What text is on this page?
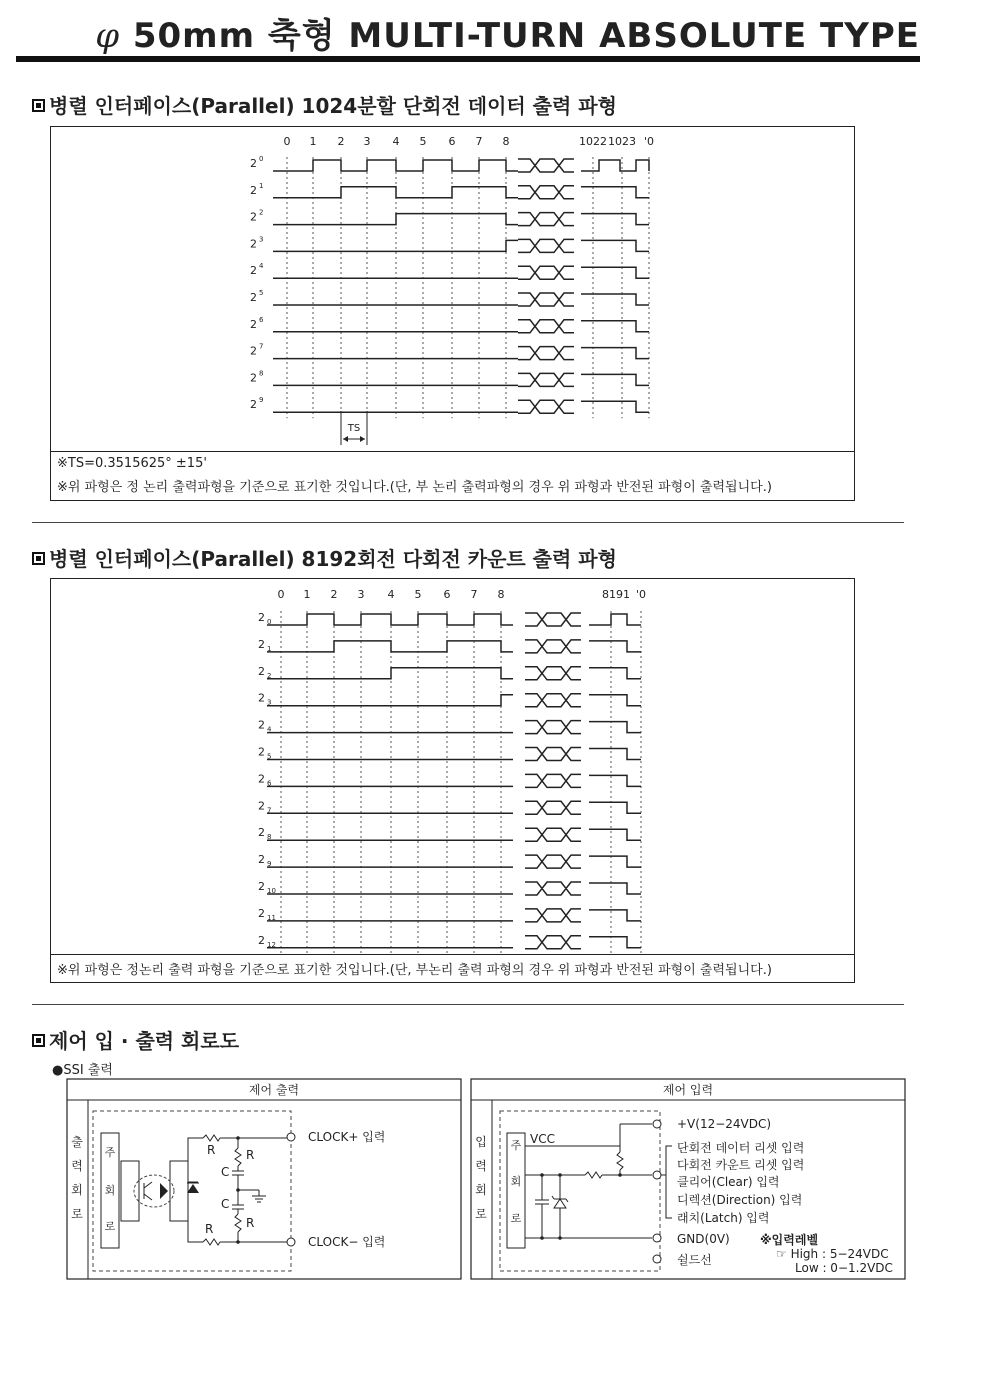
φ 50mm 축형 MULTI-TURN ABSOLUTE TYPE
병렬 인터페이스(Parallel) 1024분할 단회전 데이터 출력 파형
0 1 2 3 4 5 6 7 8	1022 1023 '0
2 0
2 1
2 2
2 3
2 4
2 5
2 6
2 7
2 8
2 9
TS
※TS=0.3515625° ±15'
※위 파형은 정 논리 출력파형을 기준으로 표기한 것입니다.(단, 부 논리 출력파형의 경우 위 파형과 반전된 파형이 출력됩니다.)
병렬 인터페이스(Parallel) 8192회전 다회전 카운트 출력 파형
0 1 2 3 4 5 6 7 8	8191 '0
2 0
2 1
2 2
2 3
2 4
2 5
2 6
2 7
2 8
2 9
2 10
2 11
2 12
※위 파형은 정논리 출력 파형을 기준으로 표기한 것입니다.(단, 부논리 출력 파형의 경우 위 파형과 반전된 파형이 출력됩니다.)
제어 입 · 출력 회로도
●SSI 출력
제어 출력
출
력
회
로
주
회
로
R	R
C
C
R
R
CLOCK+ 입력
CLOCK− 입력
제어 입력
입
력
회
로
주
회
로
VCC
+V(12−24VDC)
단회전 데이터 리셋 입력
다회전 카운트 리셋 입력
클리어(Clear) 입력
디렉션(Direction) 입력
래치(Latch) 입력
GND(0V)
쉴드선
※입력레벨
☞ High : 5−24VDC
Low : 0−1.2VDC
